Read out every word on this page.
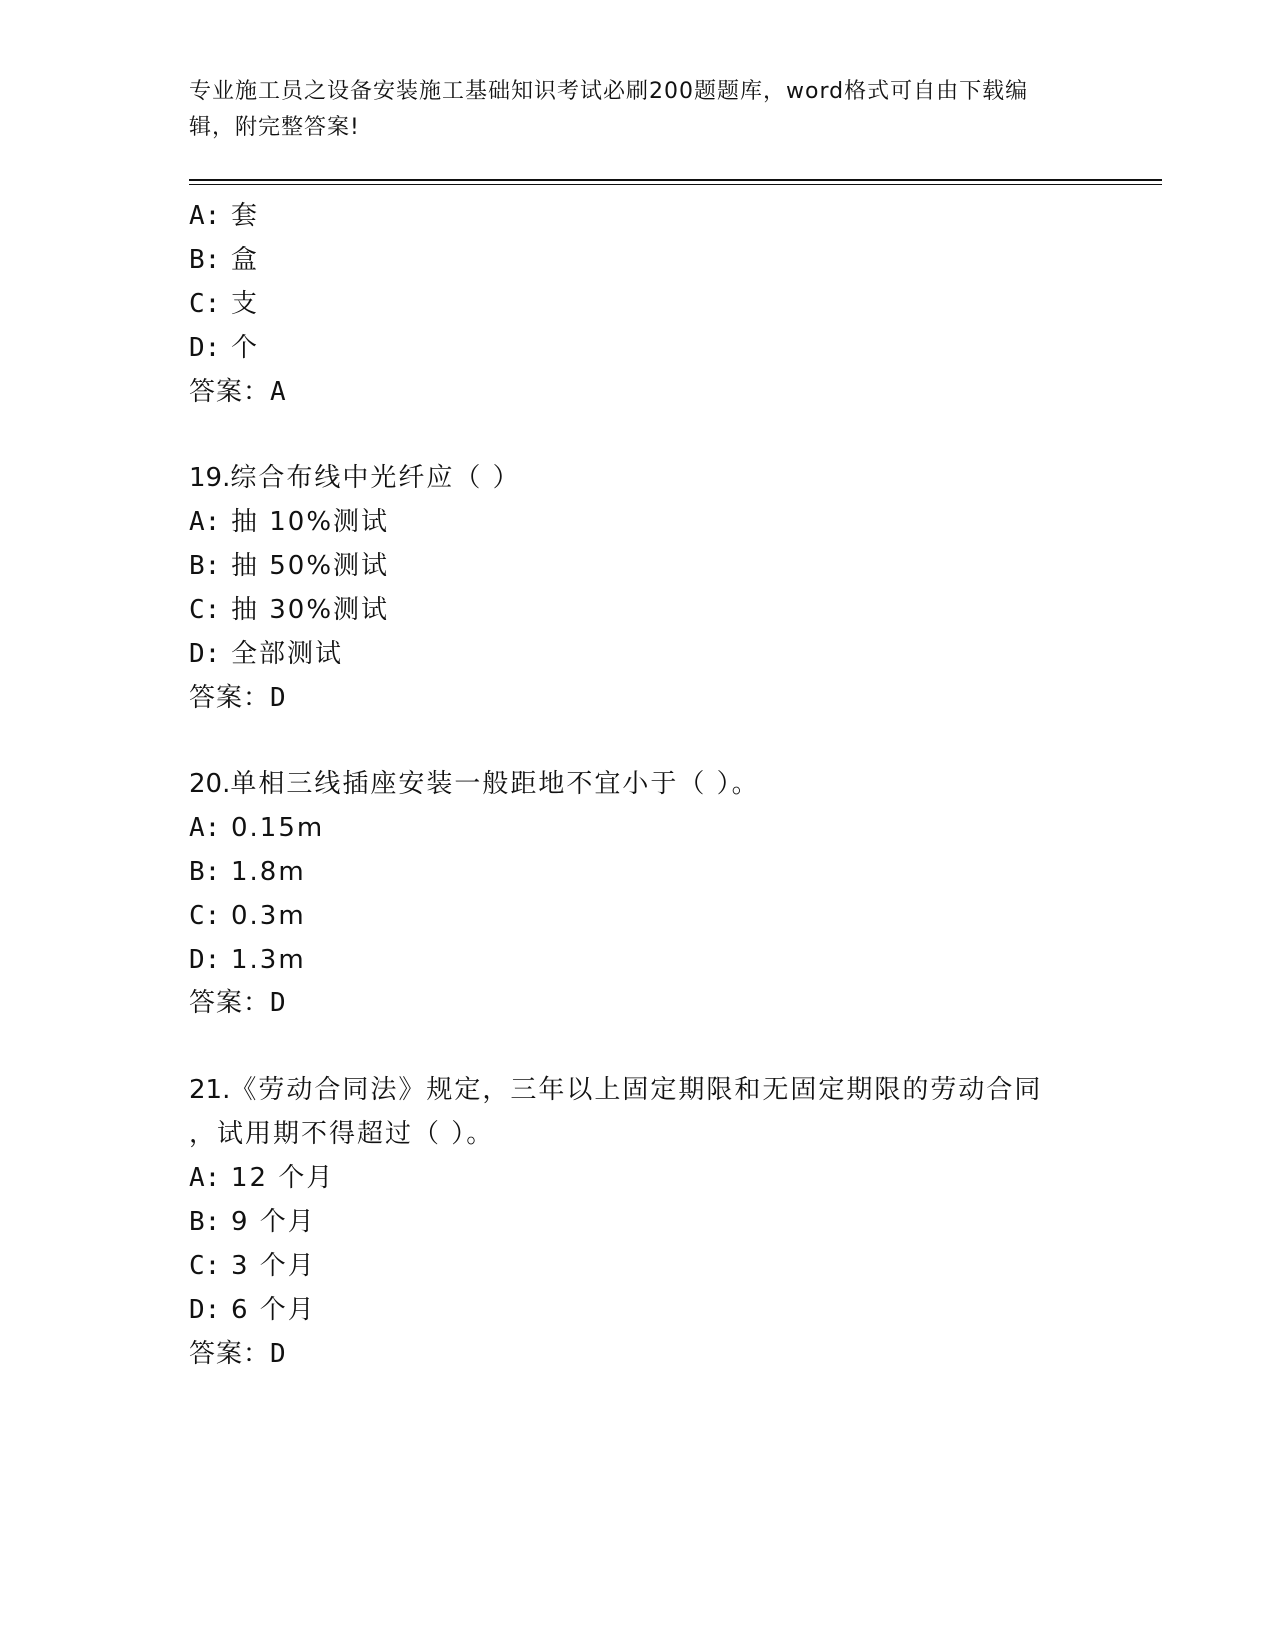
专业施工员之设备安装施工基础知识考试必刷200题题库，word格式可自由下载编辑，附完整答案!
A: 套
B: 盒
C: 支
D: 个
答案：A
19.综合布线中光纤应（ ）
A: 抽 10%测试
B: 抽 50%测试
C: 抽 30%测试
D: 全部测试
答案：D
20.单相三线插座安装一般距地不宜小于（ ）。
A: 0.15m
B: 1.8m
C: 0.3m
D: 1.3m
答案：D
21.《劳动合同法》规定，三年以上固定期限和无固定期限的劳动合同
，试用期不得超过（ ）。
A: 12 个月
B: 9 个月
C: 3 个月
D: 6 个月
答案：D
